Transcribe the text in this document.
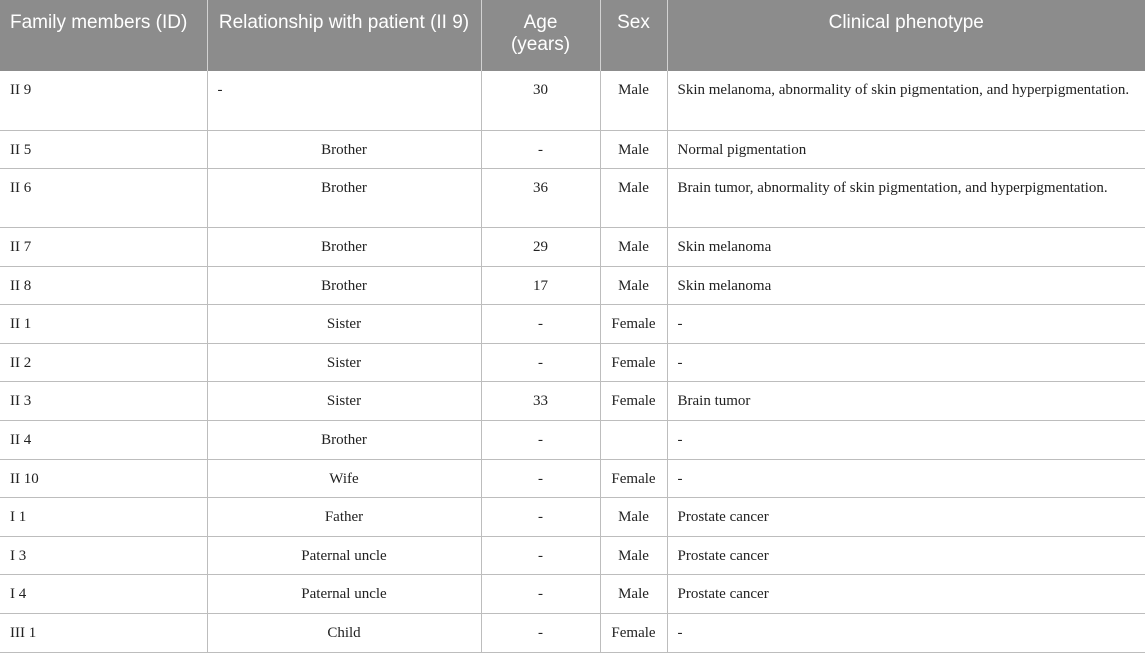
Family members (ID)	Relationship with patient (II 9)	Age (years)	Sex	Clinical phenotype
II 9	-	30	Male	Skin melanoma, abnormality of skin pigmentation, and hyperpigmentation.
II 5	Brother	-	Male	Normal pigmentation
II 6	Brother	36	Male	Brain tumor, abnormality of skin pigmentation, and hyperpigmentation.
II 7	Brother	29	Male	Skin melanoma
II 8	Brother	17	Male	Skin melanoma
II 1	Sister	-	Female	-
II 2	Sister	-	Female	-
II 3	Sister	33	Female	Brain tumor
II 4	Brother	-		-
II 10	Wife	-	Female	-
I 1	Father	-	Male	Prostate cancer
I 3	Paternal uncle	-	Male	Prostate cancer
I 4	Paternal uncle	-	Male	Prostate cancer
III 1	Child	-	Female	-
